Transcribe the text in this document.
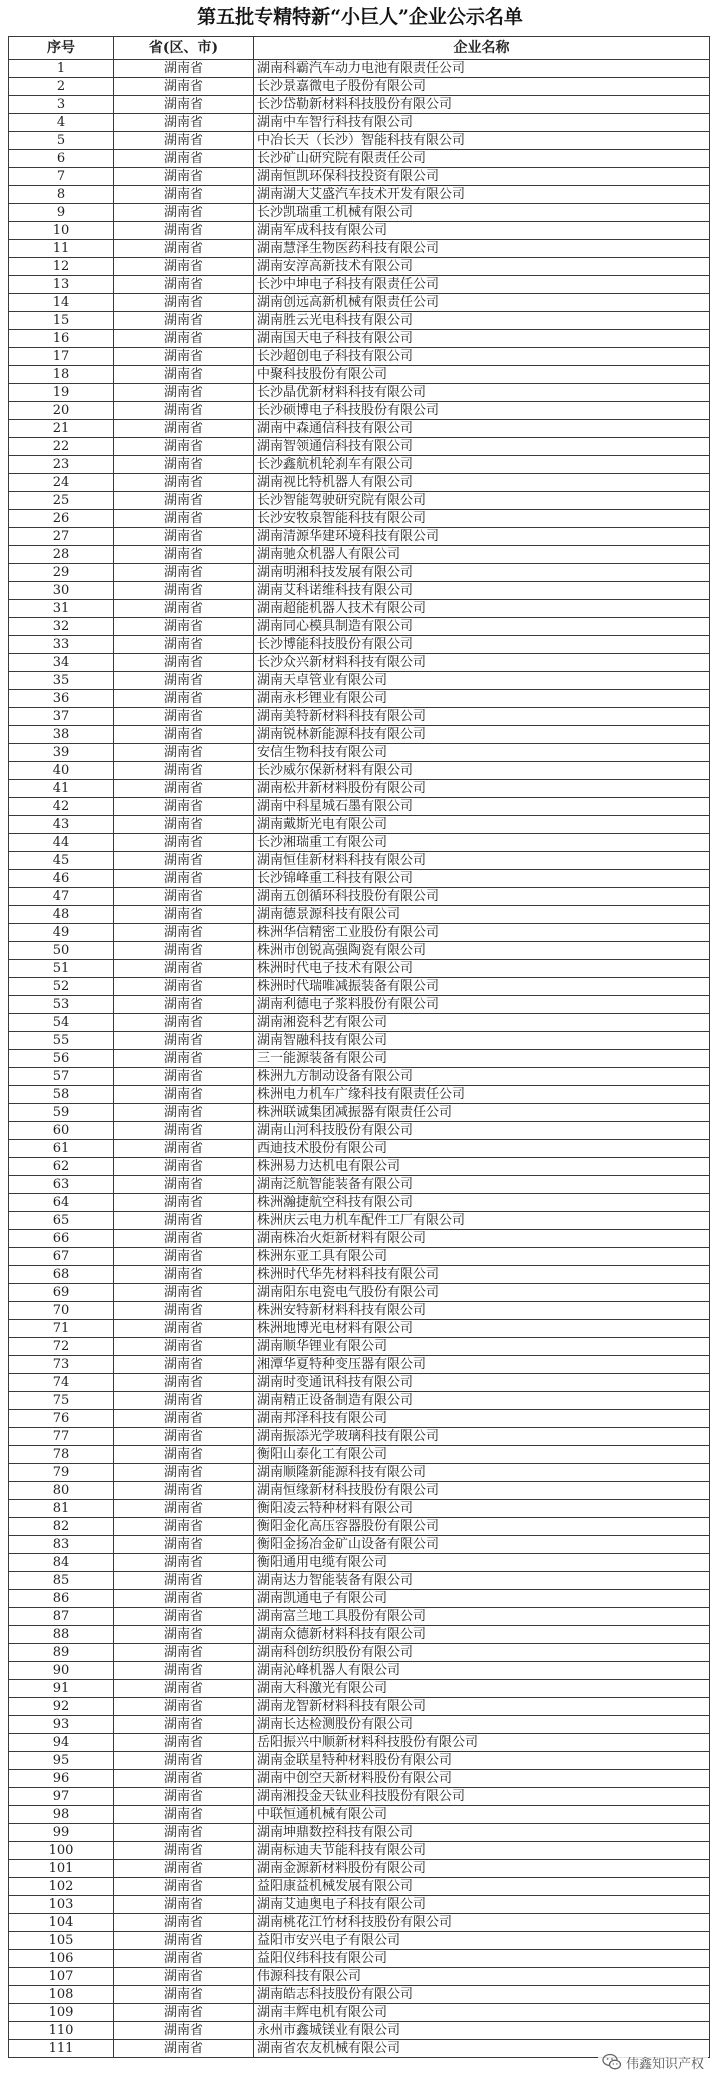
第五批专精特新“小巨人”企业公示名单
序号	省(区、市)	企业名称
1	湖南省	湖南科霸汽车动力电池有限责任公司
2	湖南省	长沙景嘉微电子股份有限公司
3	湖南省	长沙岱勒新材料科技股份有限公司
4	湖南省	湖南中车智行科技有限公司
5	湖南省	中冶长天（长沙）智能科技有限公司
6	湖南省	长沙矿山研究院有限责任公司
7	湖南省	湖南恒凯环保科技投资有限公司
8	湖南省	湖南湖大艾盛汽车技术开发有限公司
9	湖南省	长沙凯瑞重工机械有限公司
10	湖南省	湖南军成科技有限公司
11	湖南省	湖南慧泽生物医药科技有限公司
12	湖南省	湖南安淳高新技术有限公司
13	湖南省	长沙中坤电子科技有限责任公司
14	湖南省	湖南创远高新机械有限责任公司
15	湖南省	湖南胜云光电科技有限公司
16	湖南省	湖南国天电子科技有限公司
17	湖南省	长沙超创电子科技有限公司
18	湖南省	中聚科技股份有限公司
19	湖南省	长沙晶优新材料科技有限公司
20	湖南省	长沙硕博电子科技股份有限公司
21	湖南省	湖南中森通信科技有限公司
22	湖南省	湖南智领通信科技有限公司
23	湖南省	长沙鑫航机轮刹车有限公司
24	湖南省	湖南视比特机器人有限公司
25	湖南省	长沙智能驾驶研究院有限公司
26	湖南省	长沙安牧泉智能科技有限公司
27	湖南省	湖南清源华建环境科技有限公司
28	湖南省	湖南驰众机器人有限公司
29	湖南省	湖南明湘科技发展有限公司
30	湖南省	湖南艾科诺维科技有限公司
31	湖南省	湖南超能机器人技术有限公司
32	湖南省	湖南同心模具制造有限公司
33	湖南省	长沙博能科技股份有限公司
34	湖南省	长沙众兴新材料科技有限公司
35	湖南省	湖南天卓管业有限公司
36	湖南省	湖南永杉锂业有限公司
37	湖南省	湖南美特新材料科技有限公司
38	湖南省	湖南锐林新能源科技有限公司
39	湖南省	安信生物科技有限公司
40	湖南省	长沙威尔保新材料有限公司
41	湖南省	湖南松井新材料股份有限公司
42	湖南省	湖南中科星城石墨有限公司
43	湖南省	湖南戴斯光电有限公司
44	湖南省	长沙湘瑞重工有限公司
45	湖南省	湖南恒佳新材料科技有限公司
46	湖南省	长沙锦峰重工科技有限公司
47	湖南省	湖南五创循环科技股份有限公司
48	湖南省	湖南德景源科技有限公司
49	湖南省	株洲华信精密工业股份有限公司
50	湖南省	株洲市创锐高强陶瓷有限公司
51	湖南省	株洲时代电子技术有限公司
52	湖南省	株洲时代瑞唯减振装备有限公司
53	湖南省	湖南利德电子浆料股份有限公司
54	湖南省	湖南湘瓷科艺有限公司
55	湖南省	湖南智融科技有限公司
56	湖南省	三一能源装备有限公司
57	湖南省	株洲九方制动设备有限公司
58	湖南省	株洲电力机车广缘科技有限责任公司
59	湖南省	株洲联诚集团减振器有限责任公司
60	湖南省	湖南山河科技股份有限公司
61	湖南省	西迪技术股份有限公司
62	湖南省	株洲易力达机电有限公司
63	湖南省	湖南泛航智能装备有限公司
64	湖南省	株洲瀚捷航空科技有限公司
65	湖南省	株洲庆云电力机车配件工厂有限公司
66	湖南省	湖南株冶火炬新材料有限公司
67	湖南省	株洲东亚工具有限公司
68	湖南省	株洲时代华先材料科技有限公司
69	湖南省	湖南阳东电瓷电气股份有限公司
70	湖南省	株洲安特新材料科技有限公司
71	湖南省	株洲地博光电材料有限公司
72	湖南省	湖南顺华锂业有限公司
73	湖南省	湘潭华夏特种变压器有限公司
74	湖南省	湖南时变通讯科技有限公司
75	湖南省	湖南精正设备制造有限公司
76	湖南省	湖南邦泽科技有限公司
77	湖南省	湖南振添光学玻璃科技有限公司
78	湖南省	衡阳山泰化工有限公司
79	湖南省	湖南顺隆新能源科技有限公司
80	湖南省	湖南恒缘新材科技股份有限公司
81	湖南省	衡阳凌云特种材料有限公司
82	湖南省	衡阳金化高压容器股份有限公司
83	湖南省	衡阳金扬冶金矿山设备有限公司
84	湖南省	衡阳通用电缆有限公司
85	湖南省	湖南达力智能装备有限公司
86	湖南省	湖南凯通电子有限公司
87	湖南省	湖南富兰地工具股份有限公司
88	湖南省	湖南众德新材料科技有限公司
89	湖南省	湖南科创纺织股份有限公司
90	湖南省	湖南沁峰机器人有限公司
91	湖南省	湖南大科激光有限公司
92	湖南省	湖南龙智新材料科技有限公司
93	湖南省	湖南长达检测股份有限公司
94	湖南省	岳阳振兴中顺新材料科技股份有限公司
95	湖南省	湖南金联星特种材料股份有限公司
96	湖南省	湖南中创空天新材料股份有限公司
97	湖南省	湖南湘投金天钛业科技股份有限公司
98	湖南省	中联恒通机械有限公司
99	湖南省	湖南坤鼎数控科技有限公司
100	湖南省	湖南标迪夫节能科技有限公司
101	湖南省	湖南金源新材料股份有限公司
102	湖南省	益阳康益机械发展有限公司
103	湖南省	湖南艾迪奥电子科技有限公司
104	湖南省	湖南桃花江竹材科技股份有限公司
105	湖南省	益阳市安兴电子有限公司
106	湖南省	益阳仪纬科技有限公司
107	湖南省	伟源科技有限公司
108	湖南省	湖南皓志科技股份有限公司
109	湖南省	湖南丰辉电机有限公司
110	湖南省	永州市鑫城镁业有限公司
111	湖南省	湖南省农友机械有限公司
伟鑫知识产权
